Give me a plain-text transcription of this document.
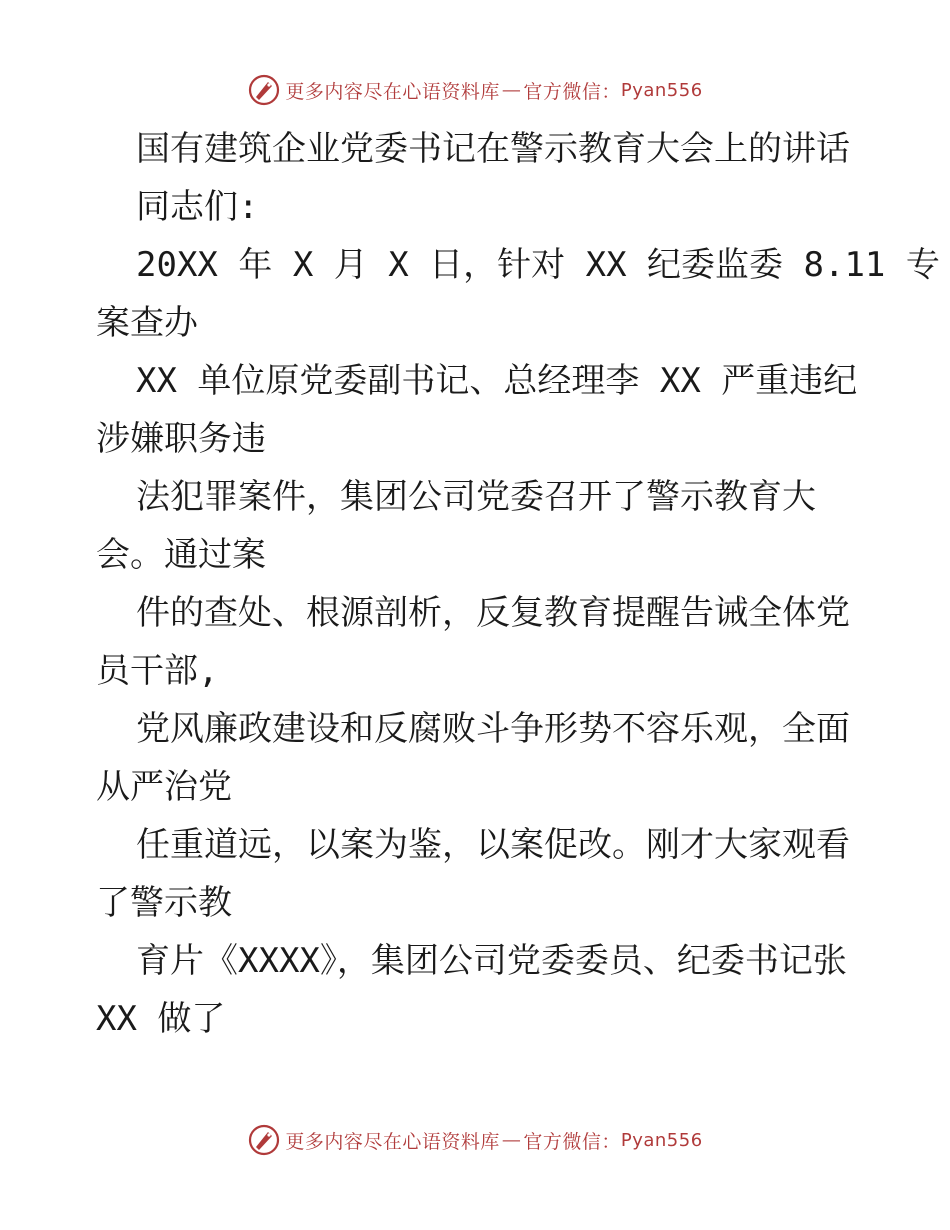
更多内容尽在心语资料库 — 官方微信： Pyan556
国有建筑企业党委书记在警示教育大会上的讲话
同志们:
20XX 年 X 月 X 日，针对 XX 纪委监委 8.11 专
案查办
XX 单位原党委副书记、总经理李 XX 严重违纪
涉嫌职务违
法犯罪案件，集团公司党委召开了警示教育大
会。通过案
件的查处、根源剖析，反复教育提醒告诫全体党
员干部,
党风廉政建设和反腐败斗争形势不容乐观，全面
从严治党
任重道远，以案为鉴，以案促改。刚才大家观看
了警示教
育片《XXXX》，集团公司党委委员、纪委书记张
XX 做了
更多内容尽在心语资料库 — 官方微信： Pyan556
